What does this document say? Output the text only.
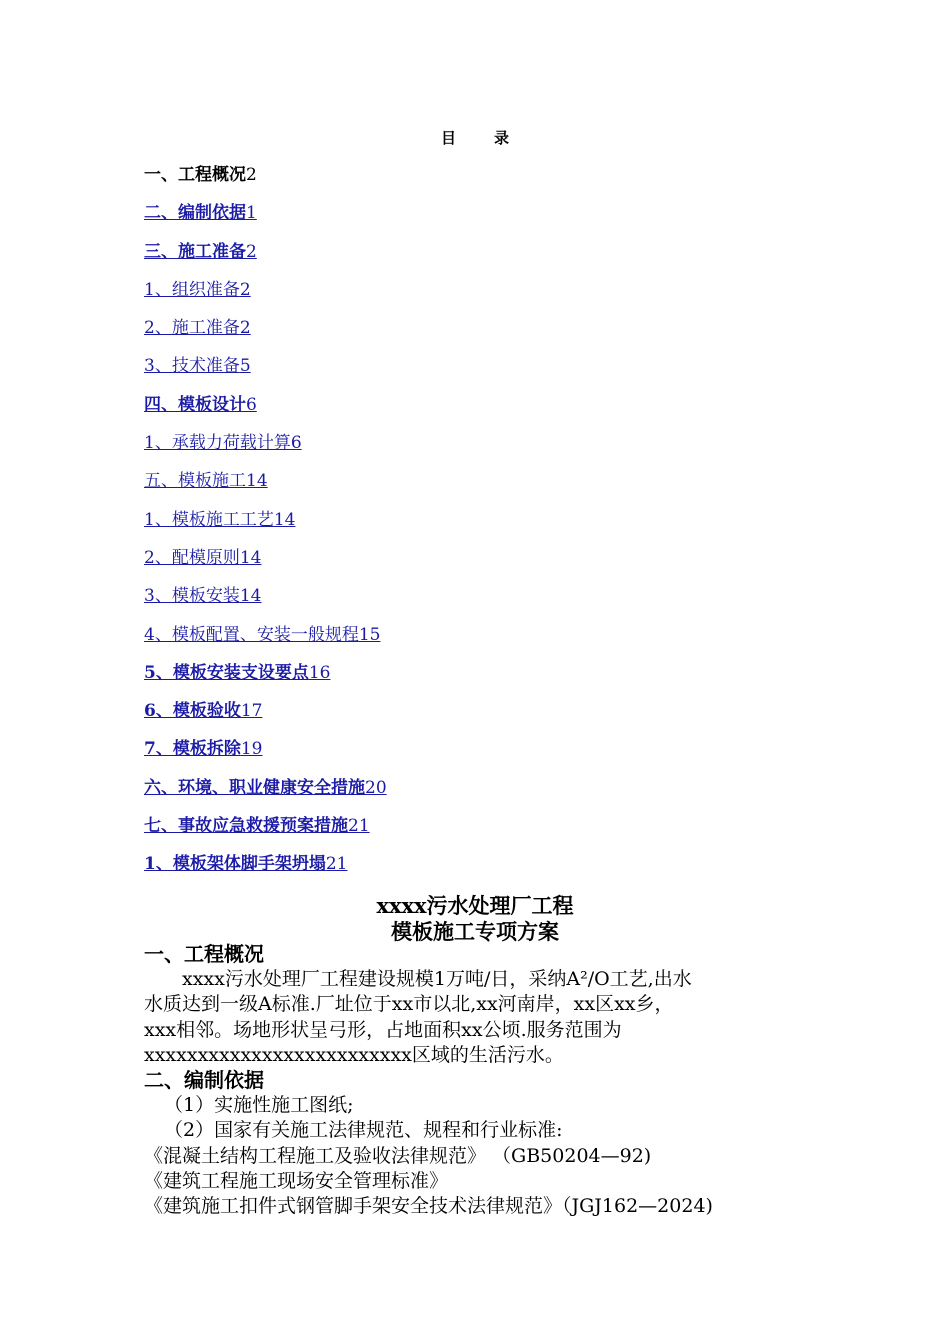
目	录
一、工程概况2
二、编制依据1
三、施工准备2
1、组织准备2
2、施工准备2
3、技术准备5
四、模板设计6
1、承载力荷载计算6
五、模板施工14
1、模板施工工艺14
2、配模原则14
3、模板安装14
4、模板配置、安装一般规程15
5、模板安装支设要点16
6、模板验收17
7、模板拆除19
六、环境、职业健康安全措施20
七、事故应急救援预案措施21
1、模板架体脚手架坍塌21
xxxx污水处理厂工程
模板施工专项方案

一、工程概况

xxxx污水处理厂工程建设规模1万吨/日，采纳A²/O工艺,出水

水质达到一级A标准.厂址位于xx市以北,xx河南岸，xx区xx乡，

xxx相邻。场地形状呈弓形，占地面积xx公顷.服务范围为

xxxxxxxxxxxxxxxxxxxxxxxxx区域的生活污水。

二、编制依据

（1）实施性施工图纸;

（2）国家有关施工法律规范、规程和行业标准:

《混凝土结构工程施工及验收法律规范》 （GB50204—92)

《建筑工程施工现场安全管理标准》

《建筑施工扣件式钢管脚手架安全技术法律规范》（JGJ162—2024)
